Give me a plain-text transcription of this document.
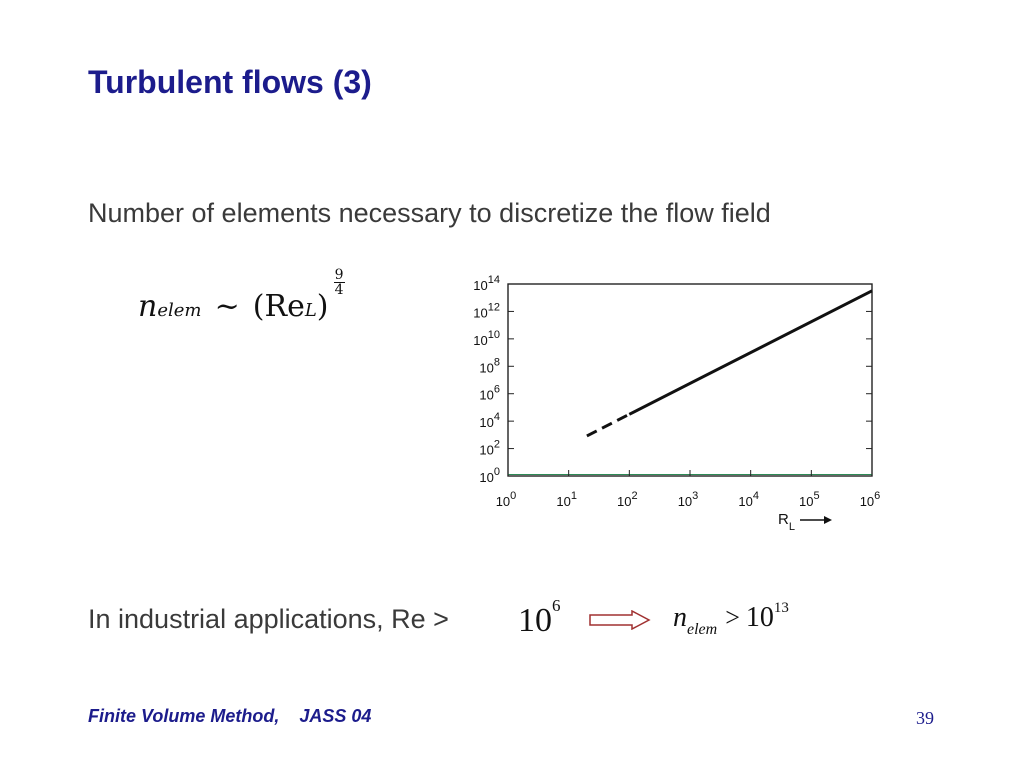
Turbulent flows (3)
Number of elements necessary to discretize the flow field
nelem ~ (ReL)
$\frac{9}{4}$
$10^0$
$10^2$
$10^4$
$10^6$
$10^8$
$10^{10}$
$10^{12}$
$10^{14}$
$10^0$	$10^1$	$10^2$	$10^3$	$10^4$	$10^5$	$10^6$
$R_L$
In industrial applications, Re > 106	nelem > 1013
Finite Volume Method,    JASS 04	39
